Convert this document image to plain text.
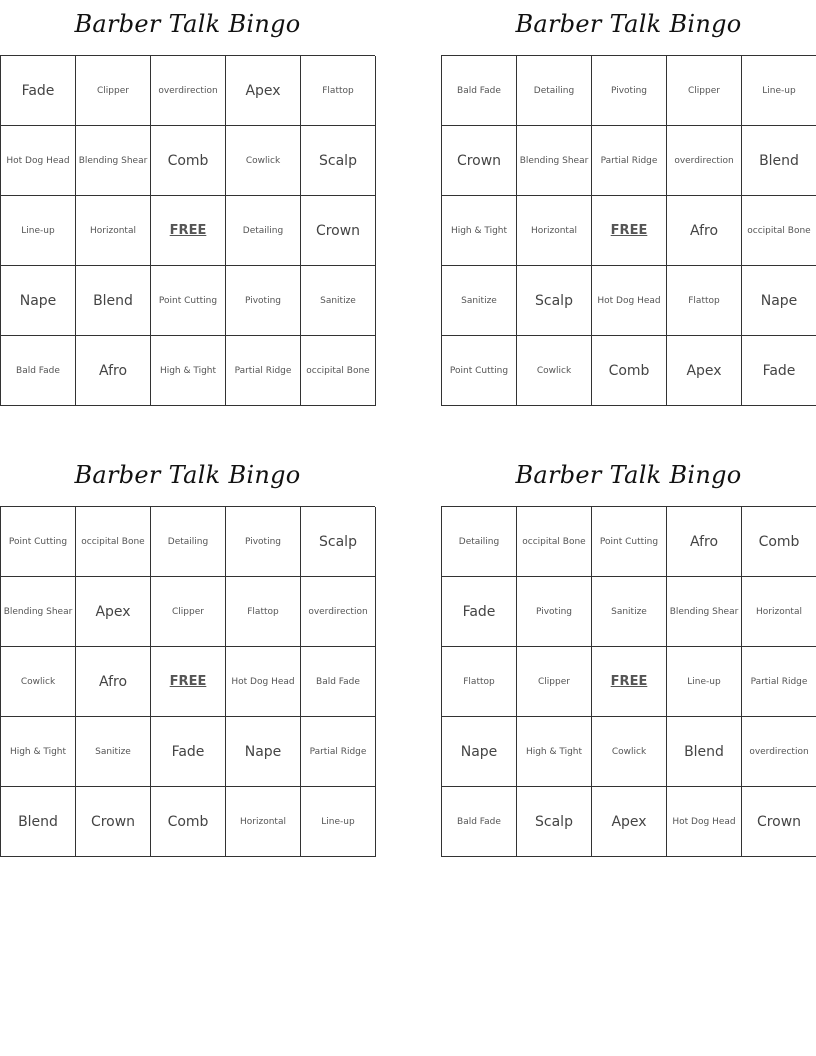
Barber Talk Bingo
Fade	Clipper	overdirection	Apex	Flattop
Hot Dog Head	Blending Shear	Comb	Cowlick	Scalp
Line-up	Horizontal	FREE	Detailing	Crown
Nape	Blend	Point Cutting	Pivoting	Sanitize
Bald Fade	Afro	High & Tight	Partial Ridge	occipital Bone
Barber Talk Bingo
Bald Fade	Detailing	Pivoting	Clipper	Line-up
Crown	Blending Shear	Partial Ridge	overdirection	Blend
High & Tight	Horizontal	FREE	Afro	occipital Bone
Sanitize	Scalp	Hot Dog Head	Flattop	Nape
Point Cutting	Cowlick	Comb	Apex	Fade
Barber Talk Bingo
Point Cutting	occipital Bone	Detailing	Pivoting	Scalp
Blending Shear	Apex	Clipper	Flattop	overdirection
Cowlick	Afro	FREE	Hot Dog Head	Bald Fade
High & Tight	Sanitize	Fade	Nape	Partial Ridge
Blend	Crown	Comb	Horizontal	Line-up
Barber Talk Bingo
Detailing	occipital Bone	Point Cutting	Afro	Comb
Fade	Pivoting	Sanitize	Blending Shear	Horizontal
Flattop	Clipper	FREE	Line-up	Partial Ridge
Nape	High & Tight	Cowlick	Blend	overdirection
Bald Fade	Scalp	Apex	Hot Dog Head	Crown
